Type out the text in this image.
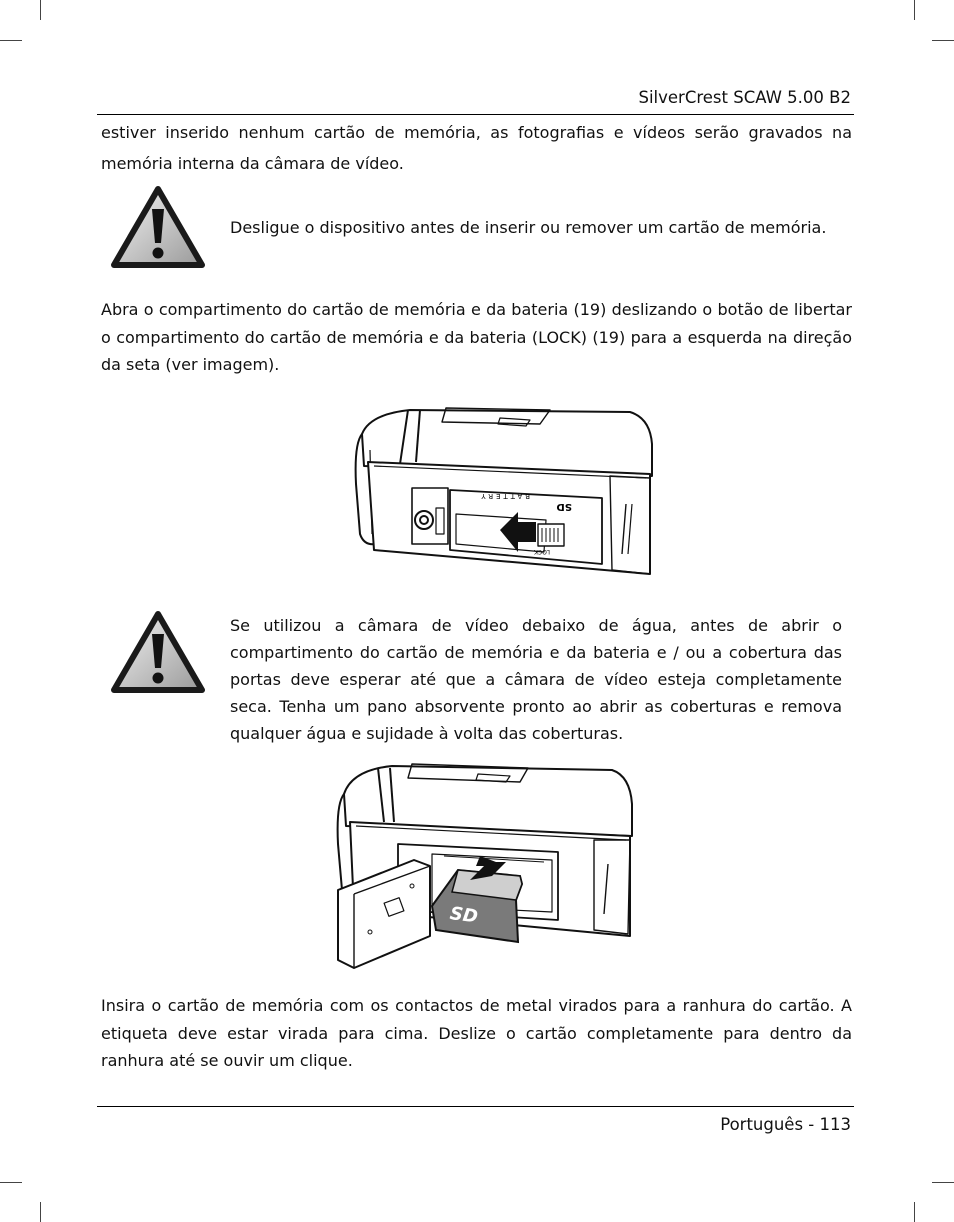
SilverCrest SCAW 5.00 B2

estiver inserido nenhum cartão de memória, as fotografias e vídeos serão gravados na memória interna da câmara de vídeo.

Desligue o dispositivo antes de inserir ou remover um cartão de memória.

Abra o compartimento do cartão de memória e da bateria (19) deslizando o botão de libertar o compartimento do cartão de memória e da bateria (LOCK) (19) para a esquerda na direção da seta (ver imagem).

SD
BATTERY
LOCK

Se utilizou a câmara de vídeo debaixo de água, antes de abrir o compartimento do cartão de memória e da bateria e / ou a cobertura das portas deve esperar até que a câmara de vídeo esteja completamente seca. Tenha um pano absorvente pronto ao abrir as coberturas e remova qualquer água e sujidade à volta das coberturas.

SD

Insira o cartão de memória com os contactos de metal virados para a ranhura do cartão. A etiqueta deve estar virada para cima. Deslize o cartão completamente para dentro da ranhura até se ouvir um clique.

Português - 113
